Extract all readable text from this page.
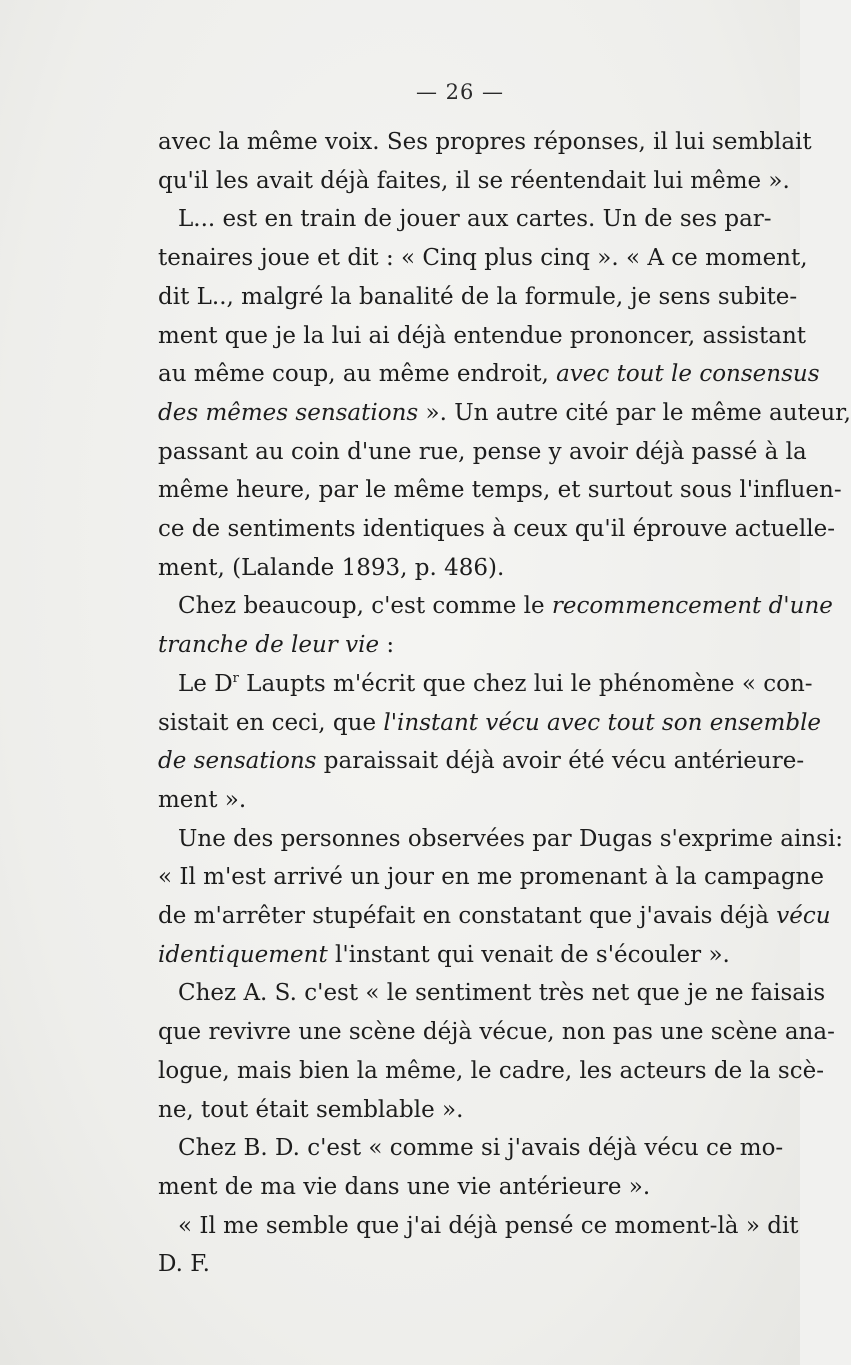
— 26 —
avec la même voix. Ses propres réponses, il lui semblait
qu'il les avait déjà faites, il se réentendait lui même ».
L... est en train de jouer aux cartes. Un de ses par-
tenaires joue et dit : « Cinq plus cinq ». « A ce moment,
dit L.., malgré la banalité de la formule, je sens subite-
ment que je la lui ai déjà entendue prononcer, assistant
au même coup, au même endroit, avec tout le consensus
des mêmes sensations ». Un autre cité par le même auteur,
passant au coin d'une rue, pense y avoir déjà passé à la
même heure, par le même temps, et surtout sous l'influen-
ce de sentiments identiques à ceux qu'il éprouve actuelle-
ment, (Lalande 1893, p. 486).
Chez beaucoup, c'est comme le recommencement d'une
tranche de leur vie :
Le $D^r$ Laupts m'écrit que chez lui le phénomène « con-
sistait en ceci, que l'instant vécu avec tout son ensemble
de sensations paraissait déjà avoir été vécu antérieure-
ment ».
Une des personnes observées par Dugas s'exprime ainsi:
« Il m'est arrivé un jour en me promenant à la campagne
de m'arrêter stupéfait en constatant que j'avais déjà vécu
identiquement l'instant qui venait de s'écouler ».
Chez A. S. c'est « le sentiment très net que je ne faisais
que revivre une scène déjà vécue, non pas une scène ana-
logue, mais bien la même, le cadre, les acteurs de la scè-
ne, tout était semblable ».
Chez B. D. c'est « comme si j'avais déjà vécu ce mo-
ment de ma vie dans une vie antérieure ».
« Il me semble que j'ai déjà pensé ce moment-là » dit
D. F.
